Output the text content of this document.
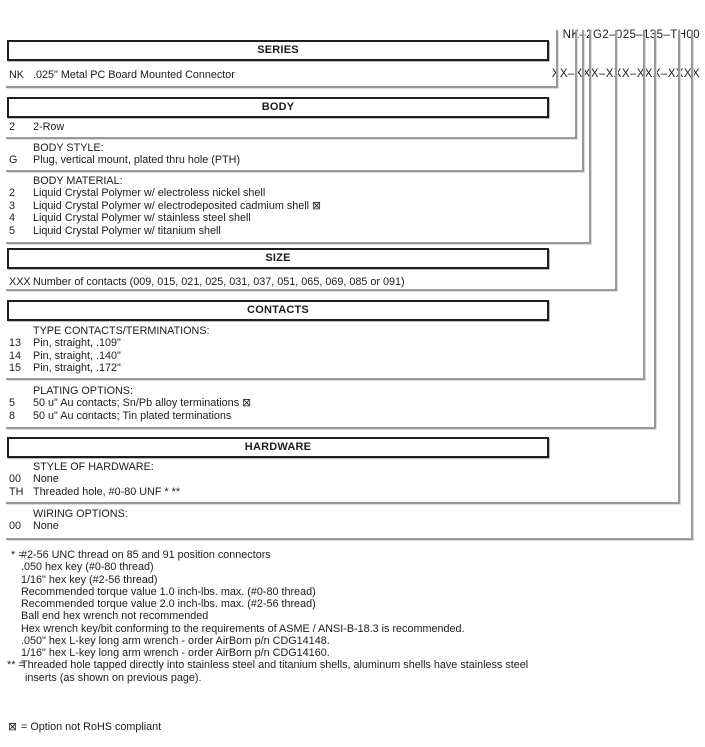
NK–2G2–025–135–TH00

XX–XXX–XXX–XXX–XXXX

SERIES
NK .025" Metal PC Board Mounted Connector
BODY
2	2-Row
BODY STYLE:
G	Plug, vertical mount, plated thru hole (PTH)
BODY MATERIAL:
2	Liquid Crystal Polymer w/ electroless nickel shell
3	Liquid Crystal Polymer w/ electrodeposited cadmium shell ⊠
4	Liquid Crystal Polymer w/ stainless steel shell
5	Liquid Crystal Polymer w/ titanium shell
SIZE
XXX Number of contacts (009, 015, 021, 025, 031, 037, 051, 065, 069, 085 or 091)
CONTACTS
TYPE CONTACTS/TERMINATIONS:
13	Pin, straight, .109"
14	Pin, straight, .140"
15	Pin, straight, .172"
PLATING OPTIONS:
5	50 u" Au contacts; Sn/Pb alloy terminations ⊠
8	50 u" Au contacts; Tin plated terminations
HARDWARE
STYLE OF HARDWARE:
00	None
TH Threaded hole, #0-80 UNF * **
WIRING OPTIONS:
00	None
* =
#2-56 UNC thread on 85 and 91 position connectors
.050 hex key (#0-80 thread)
1/16" hex key (#2-56 thread)
Recommended torque value 1.0 inch-lbs. max. (#0-80 thread)
Recommended torque value 2.0 inch-lbs. max. (#2-56 thread)
Ball end hex wrench not recommended
Hex wrench key/bit conforming to the requirements of ASME / ANSI-B-18.3 is recommended.
.050" hex L-key long arm wrench - order AirBorn p/n CDG14148.
1/16" hex L-key long arm wrench - order AirBorn p/n CDG14160.
** =
Threaded hole tapped directly into stainless steel and titanium shells, aluminum shells have stainless steel
inserts (as shown on previous page).
⊠ = Option not RoHS compliant
